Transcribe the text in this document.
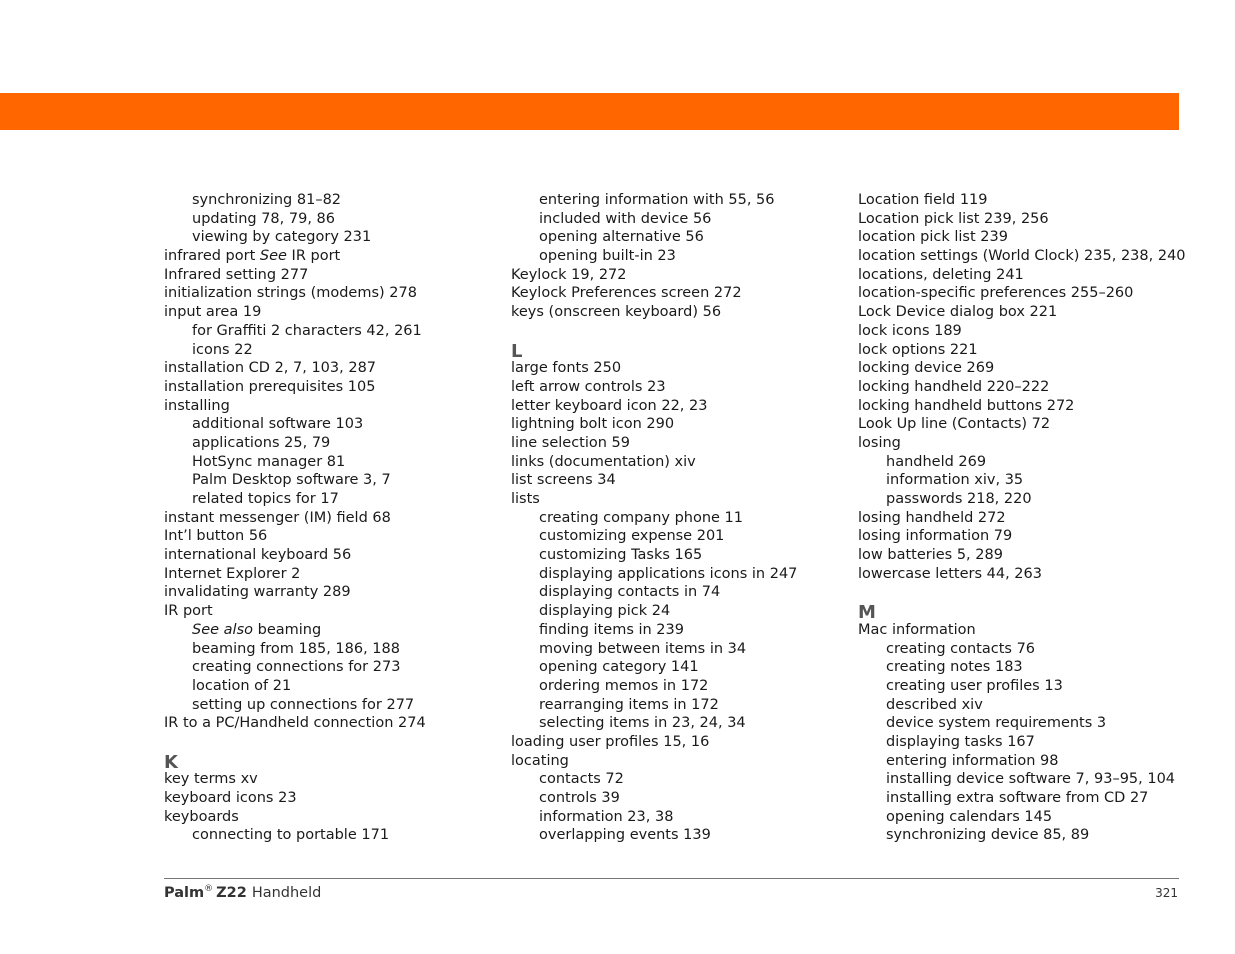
synchronizing 81–82
updating 78, 79, 86
viewing by category 231
infrared port See IR port
Infrared setting 277
initialization strings (modems) 278
input area 19
for Graffiti 2 characters 42, 261
icons 22
installation CD 2, 7, 103, 287
installation prerequisites 105
installing
additional software 103
applications 25, 79
HotSync manager 81
Palm Desktop software 3, 7
related topics for 17
instant messenger (IM) field 68
Int’l button 56
international keyboard 56
Internet Explorer 2
invalidating warranty 289
IR port
See also beaming
beaming from 185, 186, 188
creating connections for 273
location of 21
setting up connections for 277
IR to a PC/Handheld connection 274
K
key terms xv
keyboard icons 23
keyboards
connecting to portable 171
entering information with 55, 56
included with device 56
opening alternative 56
opening built-in 23
Keylock 19, 272
Keylock Preferences screen 272
keys (onscreen keyboard) 56
L
large fonts 250
left arrow controls 23
letter keyboard icon 22, 23
lightning bolt icon 290
line selection 59
links (documentation) xiv
list screens 34
lists
creating company phone 11
customizing expense 201
customizing Tasks 165
displaying applications icons in 247
displaying contacts in 74
displaying pick 24
finding items in 239
moving between items in 34
opening category 141
ordering memos in 172
rearranging items in 172
selecting items in 23, 24, 34
loading user profiles 15, 16
locating
contacts 72
controls 39
information 23, 38
overlapping events 139
Location field 119
Location pick list 239, 256
location pick list 239
location settings (World Clock) 235, 238, 240
locations, deleting 241
location-specific preferences 255–260
Lock Device dialog box 221
lock icons 189
lock options 221
locking device 269
locking handheld 220–222
locking handheld buttons 272
Look Up line (Contacts) 72
losing
handheld 269
information xiv, 35
passwords 218, 220
losing handheld 272
losing information 79
low batteries 5, 289
lowercase letters 44, 263
M
Mac information
creating contacts 76
creating notes 183
creating user profiles 13
described xiv
device system requirements 3
displaying tasks 167
entering information 98
installing device software 7, 93–95, 104
installing extra software from CD 27
opening calendars 145
synchronizing device 85, 89
Palm® Z22 Handheld	321
